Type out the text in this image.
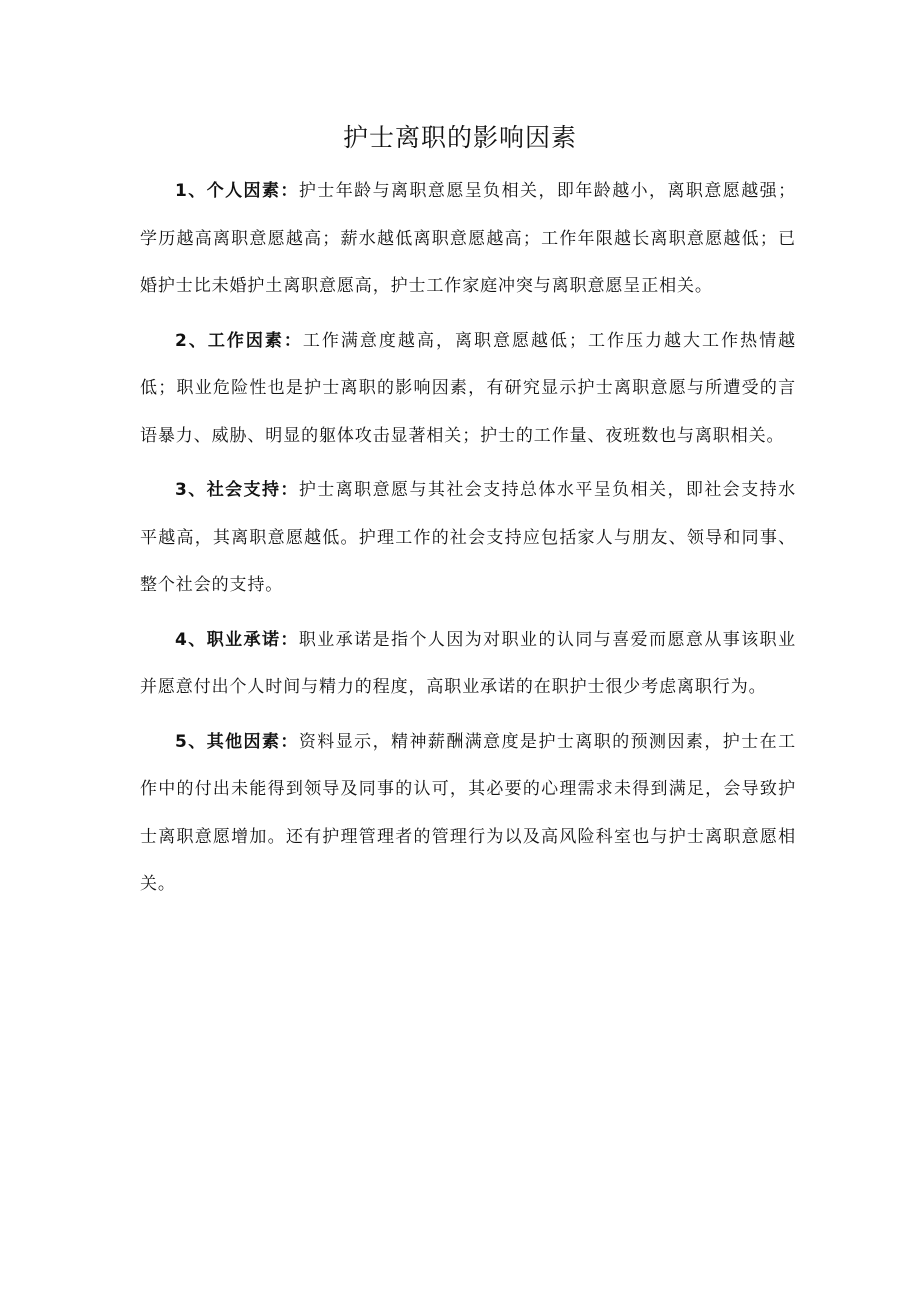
护士离职的影响因素

1、个人因素：护士年龄与离职意愿呈负相关，即年龄越小，离职意愿越强；学历越高离职意愿越高；薪水越低离职意愿越高；工作年限越长离职意愿越低；已婚护士比未婚护土离职意愿高，护士工作家庭冲突与离职意愿呈正相关。

2、工作因素：工作满意度越高，离职意愿越低；工作压力越大工作热情越低；职业危险性也是护士离职的影响因素，有研究显示护士离职意愿与所遭受的言语暴力、威胁、明显的躯体攻击显著相关；护士的工作量、夜班数也与离职相关。

3、社会支持：护士离职意愿与其社会支持总体水平呈负相关，即社会支持水平越高，其离职意愿越低。护理工作的社会支持应包括家人与朋友、领导和同事、整个社会的支持。

4、职业承诺：职业承诺是指个人因为对职业的认同与喜爱而愿意从事该职业并愿意付出个人时间与精力的程度，高职业承诺的在职护士很少考虑离职行为。

5、其他因素：资料显示，精神薪酬满意度是护士离职的预测因素，护士在工作中的付出未能得到领导及同事的认可，其必要的心理需求未得到满足，会导致护士离职意愿增加。还有护理管理者的管理行为以及高风险科室也与护士离职意愿相关。
